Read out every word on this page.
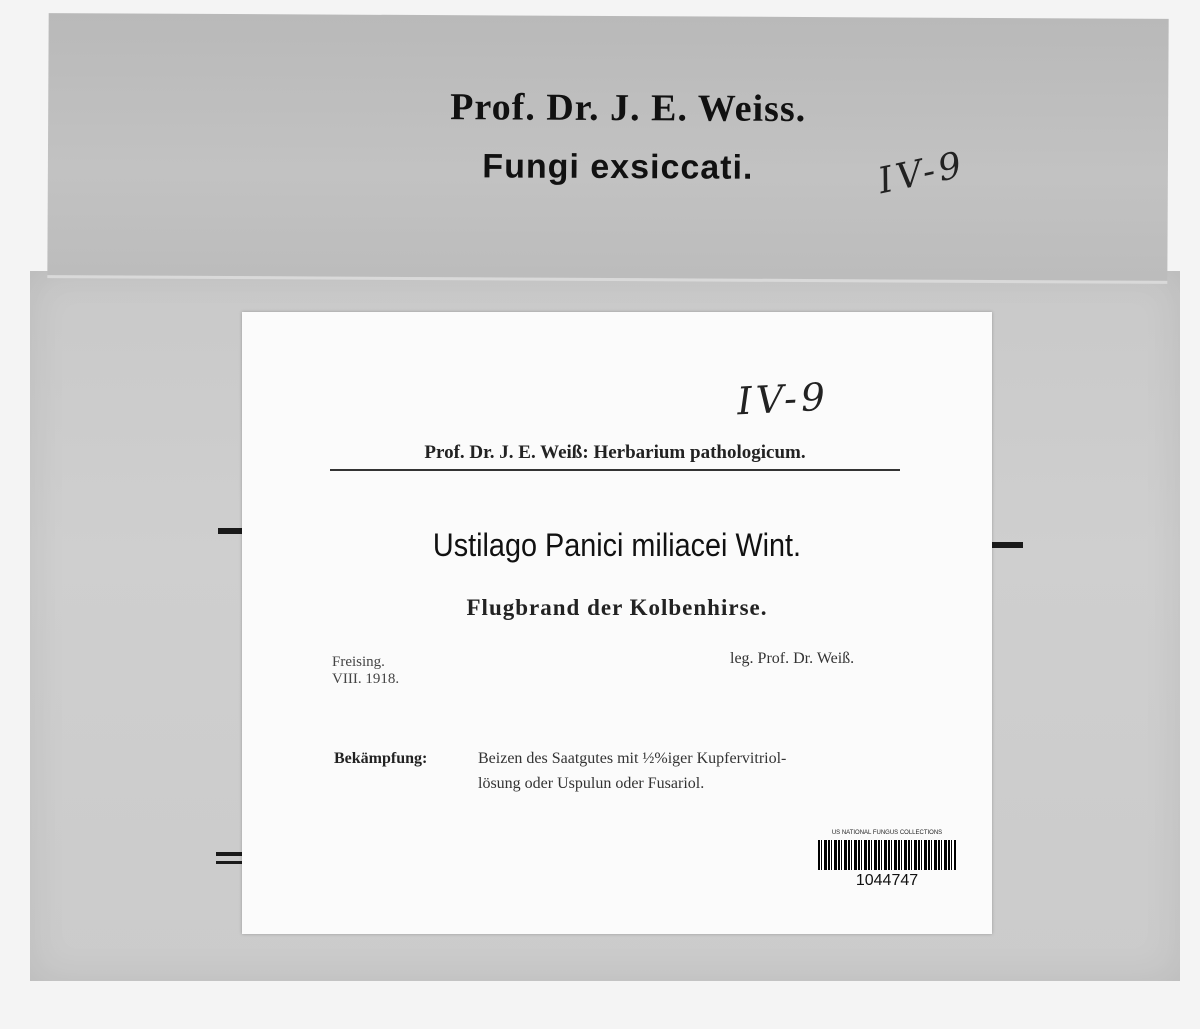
Prof. Dr. J. E. Weiss.
Fungi exsiccati.	IV-9
IV-9
Prof. Dr. J. E. Weiß: Herbarium pathologicum.
Ustilago Panici miliacei Wint.
Flugbrand der Kolbenhirse.
Freising.
VIII. 1918.
leg. Prof. Dr. Weiß.
Bekämpfung:	Beizen des Saatgutes mit ½%iger Kupfervitriol-
lösung oder Uspulun oder Fusariol.
US NATIONAL FUNGUS COLLECTIONS
1044747
